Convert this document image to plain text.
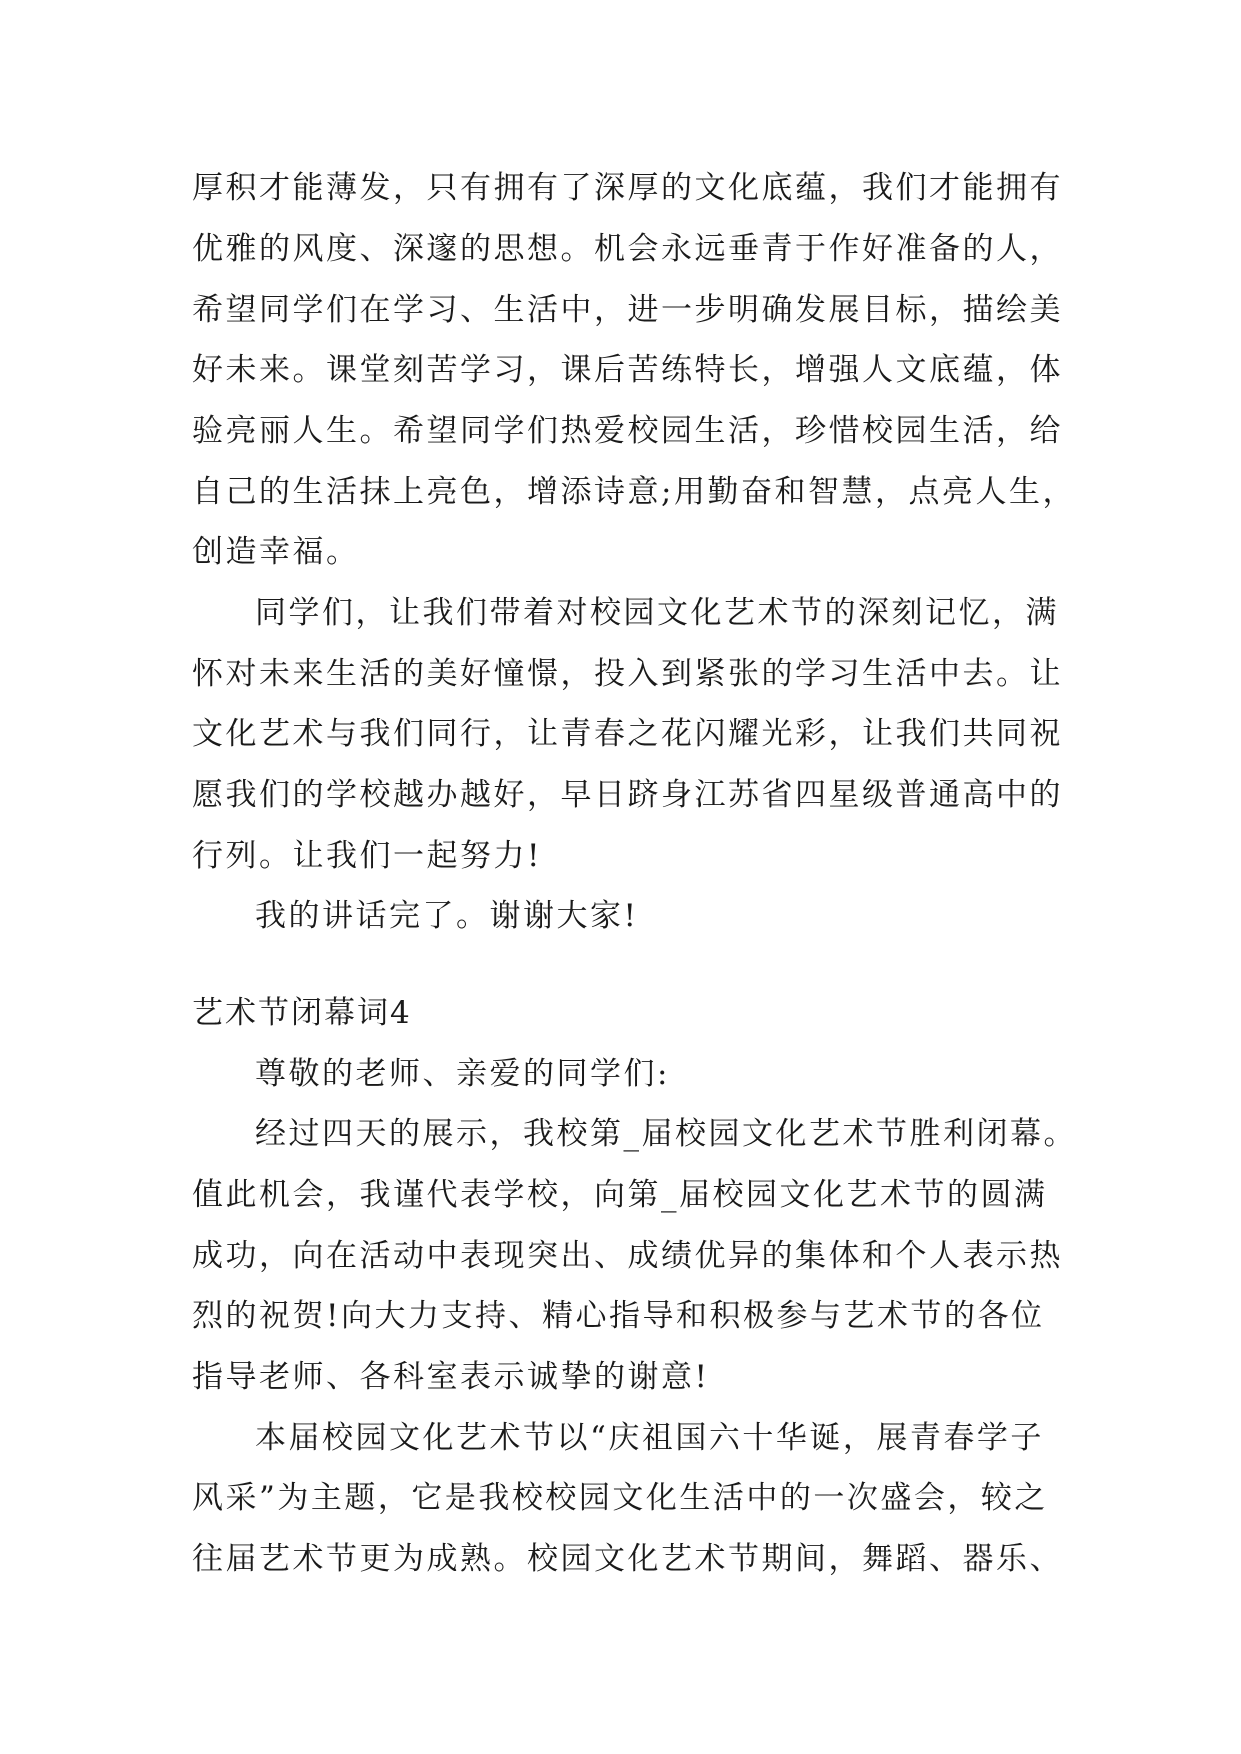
厚积才能薄发，只有拥有了深厚的文化底蕴，我们才能拥有
优雅的风度、深邃的思想。机会永远垂青于作好准备的人，
希望同学们在学习、生活中，进一步明确发展目标，描绘美
好未来。课堂刻苦学习，课后苦练特长，增强人文底蕴，体
验亮丽人生。希望同学们热爱校园生活，珍惜校园生活，给
自己的生活抹上亮色，增添诗意;用勤奋和智慧，点亮人生，
创造幸福。
同学们，让我们带着对校园文化艺术节的深刻记忆，满
怀对未来生活的美好憧憬，投入到紧张的学习生活中去。让
文化艺术与我们同行，让青春之花闪耀光彩，让我们共同祝
愿我们的学校越办越好，早日跻身江苏省四星级普通高中的
行列。让我们一起努力!
我的讲话完了。谢谢大家!
艺术节闭幕词4
尊敬的老师、亲爱的同学们:
经过四天的展示，我校第_届校园文化艺术节胜利闭幕。
值此机会，我谨代表学校，向第_届校园文化艺术节的圆满
成功，向在活动中表现突出、成绩优异的集体和个人表示热
烈的祝贺!向大力支持、精心指导和积极参与艺术节的各位
指导老师、各科室表示诚挚的谢意!
本届校园文化艺术节以“庆祖国六十华诞，展青春学子
风采”为主题，它是我校校园文化生活中的一次盛会，较之
往届艺术节更为成熟。校园文化艺术节期间，舞蹈、器乐、
